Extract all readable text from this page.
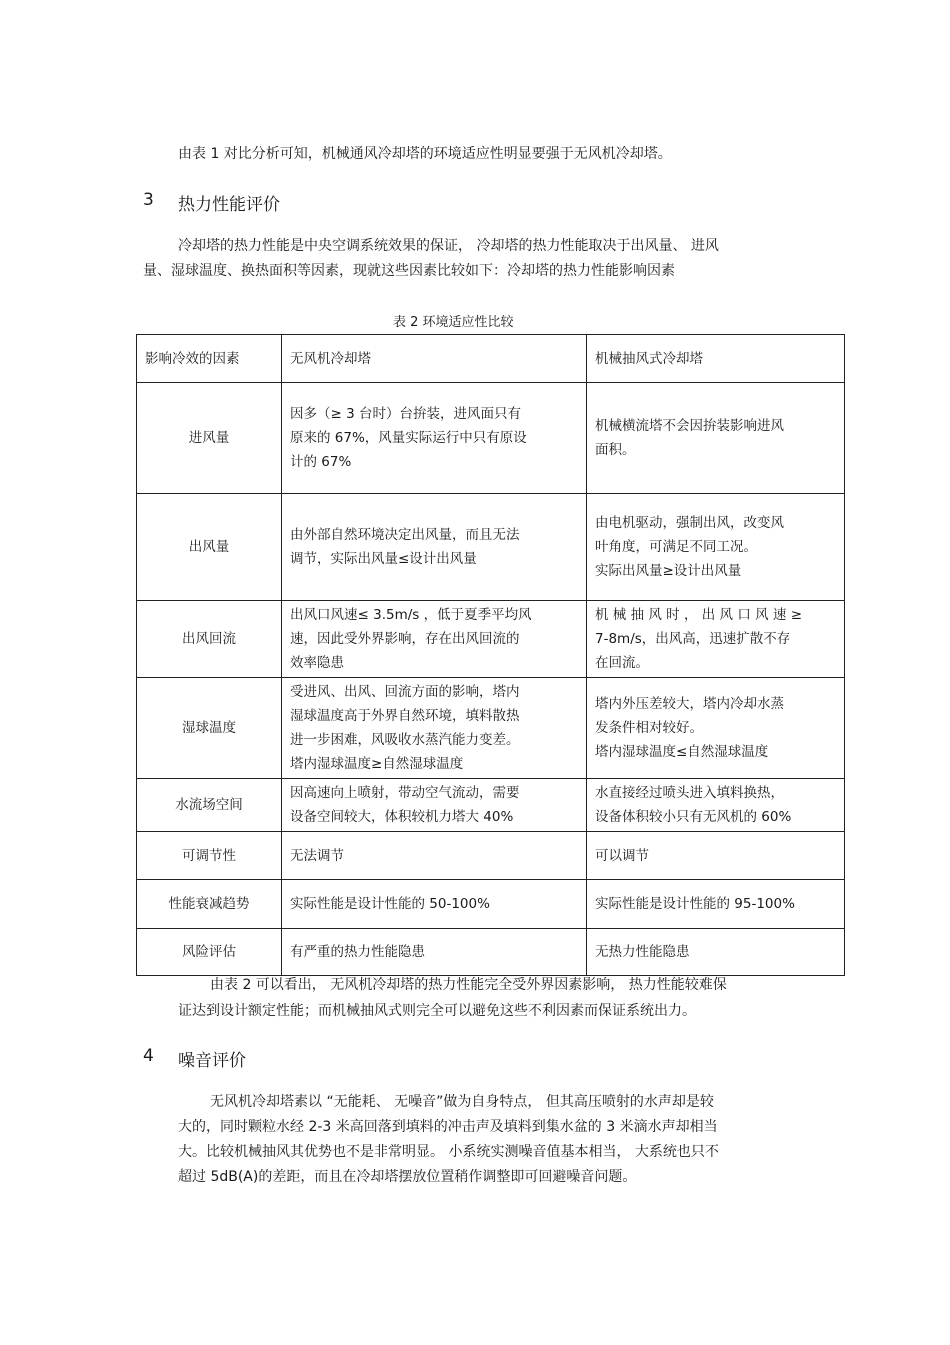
由表 1 对比分析可知，机械通风冷却塔的环境适应性明显要强于无风机冷却塔。
3 热力性能评价
冷却塔的热力性能是中央空调系统效果的保证， 冷却塔的热力性能取决于出风量、 进风
量、湿球温度、换热面积等因素，现就这些因素比较如下：冷却塔的热力性能影响因素
表 2 环境适应性比较
影响冷效的因素	无风机冷却塔	机械抽风式冷却塔
进风量	因多（≥ 3 台时）台拚装，进风面只有
原来的 67%，风量实际运行中只有原设
计的 67%	机械横流塔不会因拚装影响进风
面积。

出风量	由外部自然环境决定出风量，而且无法
调节，实际出风量≤设计出风量	由电机驱动，强制出风，改变风
叶角度，可满足不同工况。
实际出风量≥设计出风量

出风回流	出风口风速≤ 3.5m/s ，低于夏季平均风
速，因此受外界影响，存在出风回流的
效率隐患	机 械 抽 风 时 ， 出 风 口 风 速 ≥
7-8m/s，出风高，迅速扩散不存
在回流。

湿球温度	受进风、出风、回流方面的影响，塔内
湿球温度高于外界自然环境，填料散热
进一步困难，风吸收水蒸汽能力变差。
塔内湿球温度≥自然湿球温度	塔内外压差较大，塔内冷却水蒸
发条件相对较好。
塔内湿球温度≤自然湿球温度

水流场空间	因高速向上喷射，带动空气流动，需要
设备空间较大，体积较机力塔大 40%	水直接经过喷头进入填料换热，
设备体积较小只有无风机的 60%

可调节性	无法调节	可以调节

性能衰减趋势	实际性能是设计性能的 50-100%	实际性能是设计性能的 95-100%

风险评估	有严重的热力性能隐患	无热力性能隐患
由表 2 可以看出， 无风机冷却塔的热力性能完全受外界因素影响， 热力性能较难保
证达到设计额定性能；而机械抽风式则完全可以避免这些不利因素而保证系统出力。
4 噪音评价
无风机冷却塔素以 “无能耗、 无噪音”做为自身特点， 但其高压喷射的水声却是较
大的，同时颗粒水经 2-3 米高回落到填料的冲击声及填料到集水盆的 3 米滴水声却相当
大。比较机械抽风其优势也不是非常明显。 小系统实测噪音值基本相当， 大系统也只不
超过 5dB(A)的差距，而且在冷却塔摆放位置稍作调整即可回避噪音问题。
